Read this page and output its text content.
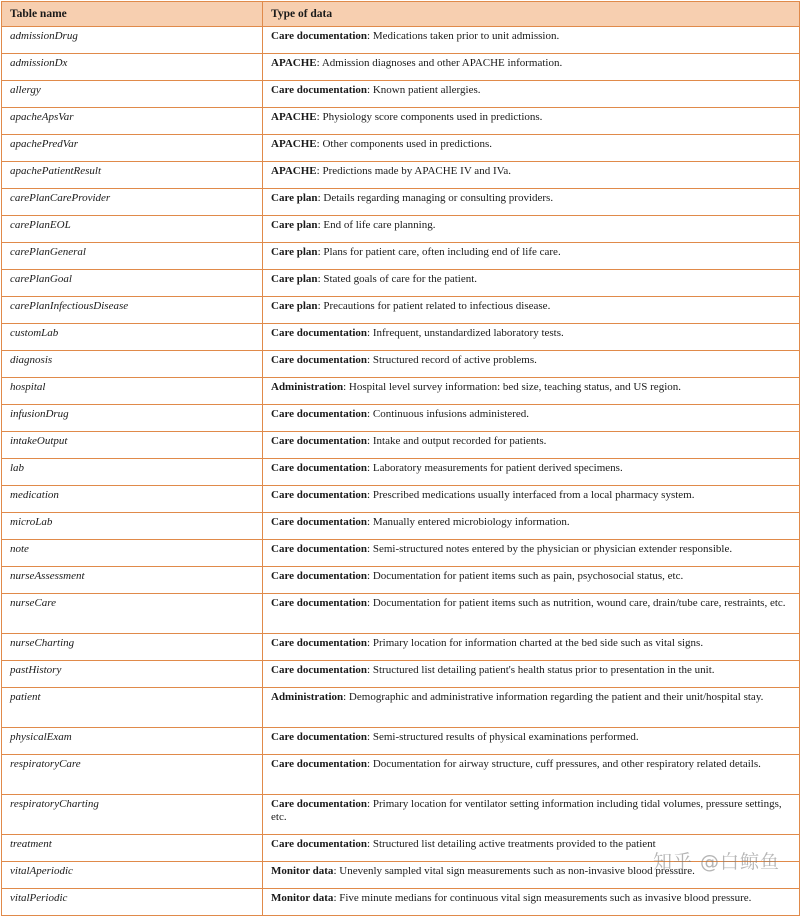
Table name	Type of data
admissionDrug	Care documentation: Medications taken prior to unit admission.
admissionDx	APACHE: Admission diagnoses and other APACHE information.
allergy	Care documentation: Known patient allergies.
apacheApsVar	APACHE: Physiology score components used in predictions.
apachePredVar	APACHE: Other components used in predictions.
apachePatientResult	APACHE: Predictions made by APACHE IV and IVa.
carePlanCareProvider	Care plan: Details regarding managing or consulting providers.
carePlanEOL	Care plan: End of life care planning.
carePlanGeneral	Care plan: Plans for patient care, often including end of life care.
carePlanGoal	Care plan: Stated goals of care for the patient.
carePlanInfectiousDisease	Care plan: Precautions for patient related to infectious disease.
customLab	Care documentation: Infrequent, unstandardized laboratory tests.
diagnosis	Care documentation: Structured record of active problems.
hospital	Administration: Hospital level survey information: bed size, teaching status, and US region.
infusionDrug	Care documentation: Continuous infusions administered.
intakeOutput	Care documentation: Intake and output recorded for patients.
lab	Care documentation: Laboratory measurements for patient derived specimens.
medication	Care documentation: Prescribed medications usually interfaced from a local pharmacy system.
microLab	Care documentation: Manually entered microbiology information.
note	Care documentation: Semi-structured notes entered by the physician or physician extender responsible.
nurseAssessment	Care documentation: Documentation for patient items such as pain, psychosocial status, etc.
nurseCare	Care documentation: Documentation for patient items such as nutrition, wound care, drain/tube care, restraints, etc.
nurseCharting	Care documentation: Primary location for information charted at the bed side such as vital signs.
pastHistory	Care documentation: Structured list detailing patient's health status prior to presentation in the unit.
patient	Administration: Demographic and administrative information regarding the patient and their unit/hospital stay.
physicalExam	Care documentation: Semi-structured results of physical examinations performed.
respiratoryCare	Care documentation: Documentation for airway structure, cuff pressures, and other respiratory related details.
respiratoryCharting	Care documentation: Primary location for ventilator setting information including tidal volumes, pressure settings, etc.
treatment	Care documentation: Structured list detailing active treatments provided to the patient
vitalAperiodic	Monitor data: Unevenly sampled vital sign measurements such as non-invasive blood pressure.
vitalPeriodic	Monitor data: Five minute medians for continuous vital sign measurements such as invasive blood pressure.
知乎 @白鲸鱼
